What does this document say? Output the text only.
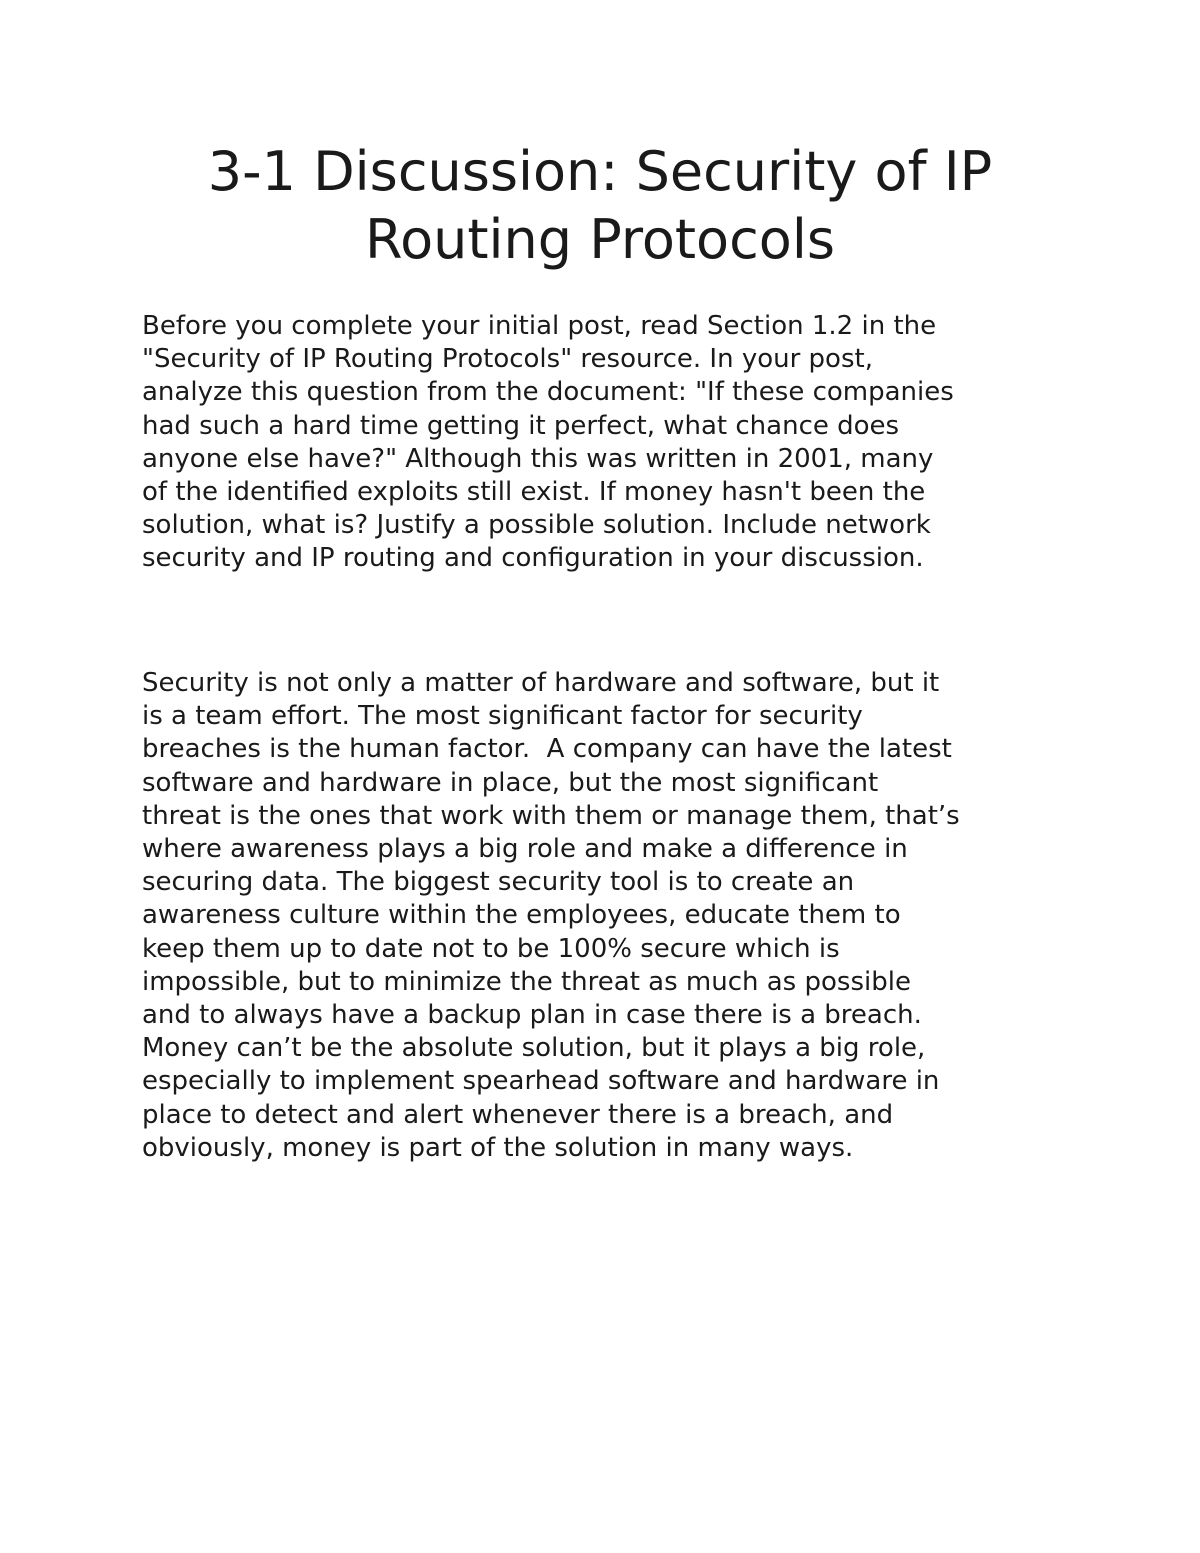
3-1 Discussion: Security of IP
Routing Protocols
Before you complete your initial post, read Section 1.2 in the
"Security of IP Routing Protocols" resource. In your post,
analyze this question from the document: "If these companies
had such a hard time getting it perfect, what chance does
anyone else have?" Although this was written in 2001, many
of the identified exploits still exist. If money hasn't been the
solution, what is? Justify a possible solution. Include network
security and IP routing and configuration in your discussion.
Security is not only a matter of hardware and software, but it
is a team effort. The most significant factor for security
breaches is the human factor.  A company can have the latest
software and hardware in place, but the most significant
threat is the ones that work with them or manage them, that’s
where awareness plays a big role and make a difference in
securing data. The biggest security tool is to create an
awareness culture within the employees, educate them to
keep them up to date not to be 100% secure which is
impossible, but to minimize the threat as much as possible
and to always have a backup plan in case there is a breach.
Money can’t be the absolute solution, but it plays a big role,
especially to implement spearhead software and hardware in
place to detect and alert whenever there is a breach, and
obviously, money is part of the solution in many ways.
